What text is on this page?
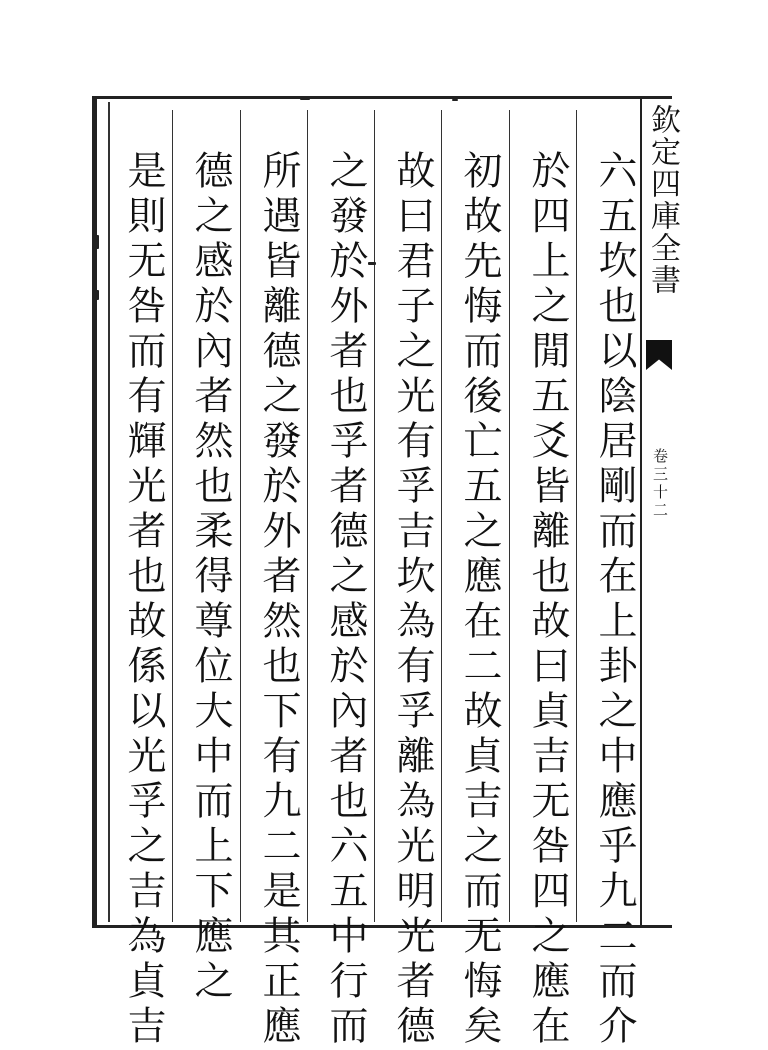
六五坎也以陰居剛而在上卦之中應乎九二而介
於四上之閒五爻皆離也故曰貞吉无咎四之應在
初故先悔而後亡五之應在二故貞吉之而无悔矣
故曰君子之光有孚吉坎為有孚離為光明光者德
之發於外者也孚者德之感於內者也六五中行而
所遇皆離德之發於外者然也下有九二是其正應
德之感於內者然也柔得尊位大中而上下應之
是則无咎而有輝光者也故係以光孚之吉為貞吉	欽定四庫全書
卷三十二
